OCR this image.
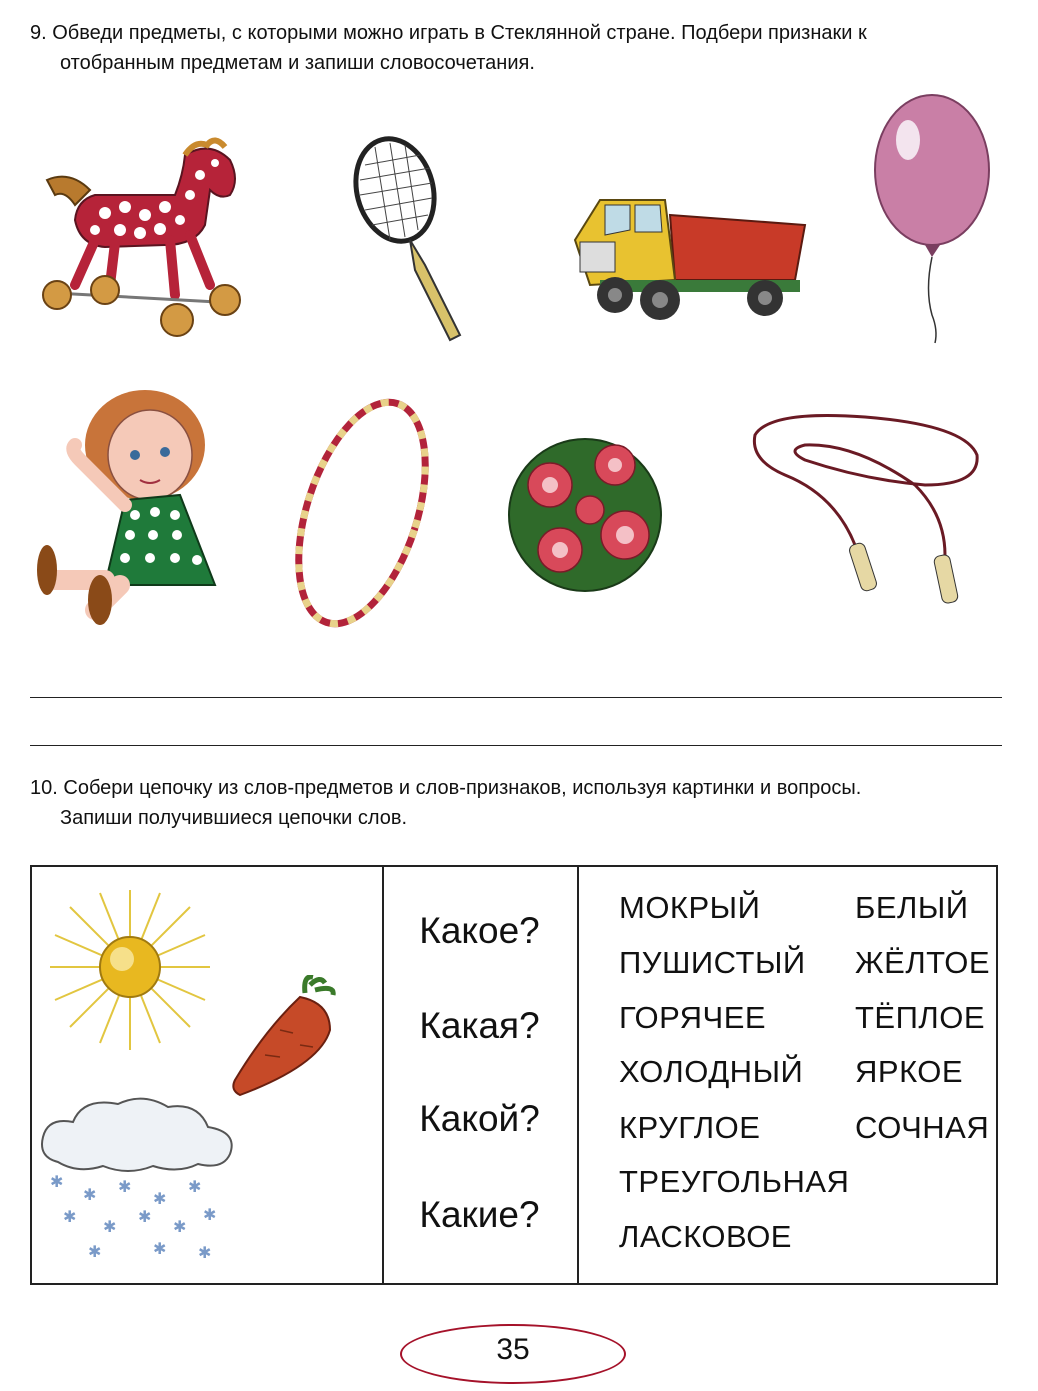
9. Обведи предметы, с которыми можно играть в Стеклянной стране. Подбери признаки к
отобранным предметам и запиши словосочетания.
10. Собери цепочку из слов-предметов и слов-признаков, используя картинки и вопросы.
Запиши получившиеся цепочки слов.
✱
✱ ✱
✱
✱
✱
✱
✱
✱
✱
✱	✱ ✱
Какое?
Какая?
Какой?
Какие?
МОКРЫЙ
ПУШИСТЫЙ
ГОРЯЧЕЕ
ХОЛОДНЫЙ
КРУГЛОЕ
ТРЕУГОЛЬНАЯ
ЛАСКОВОЕ
БЕЛЫЙ
ЖЁЛТОЕ
ТЁПЛОЕ
ЯРКОЕ
СОЧНАЯ
35
